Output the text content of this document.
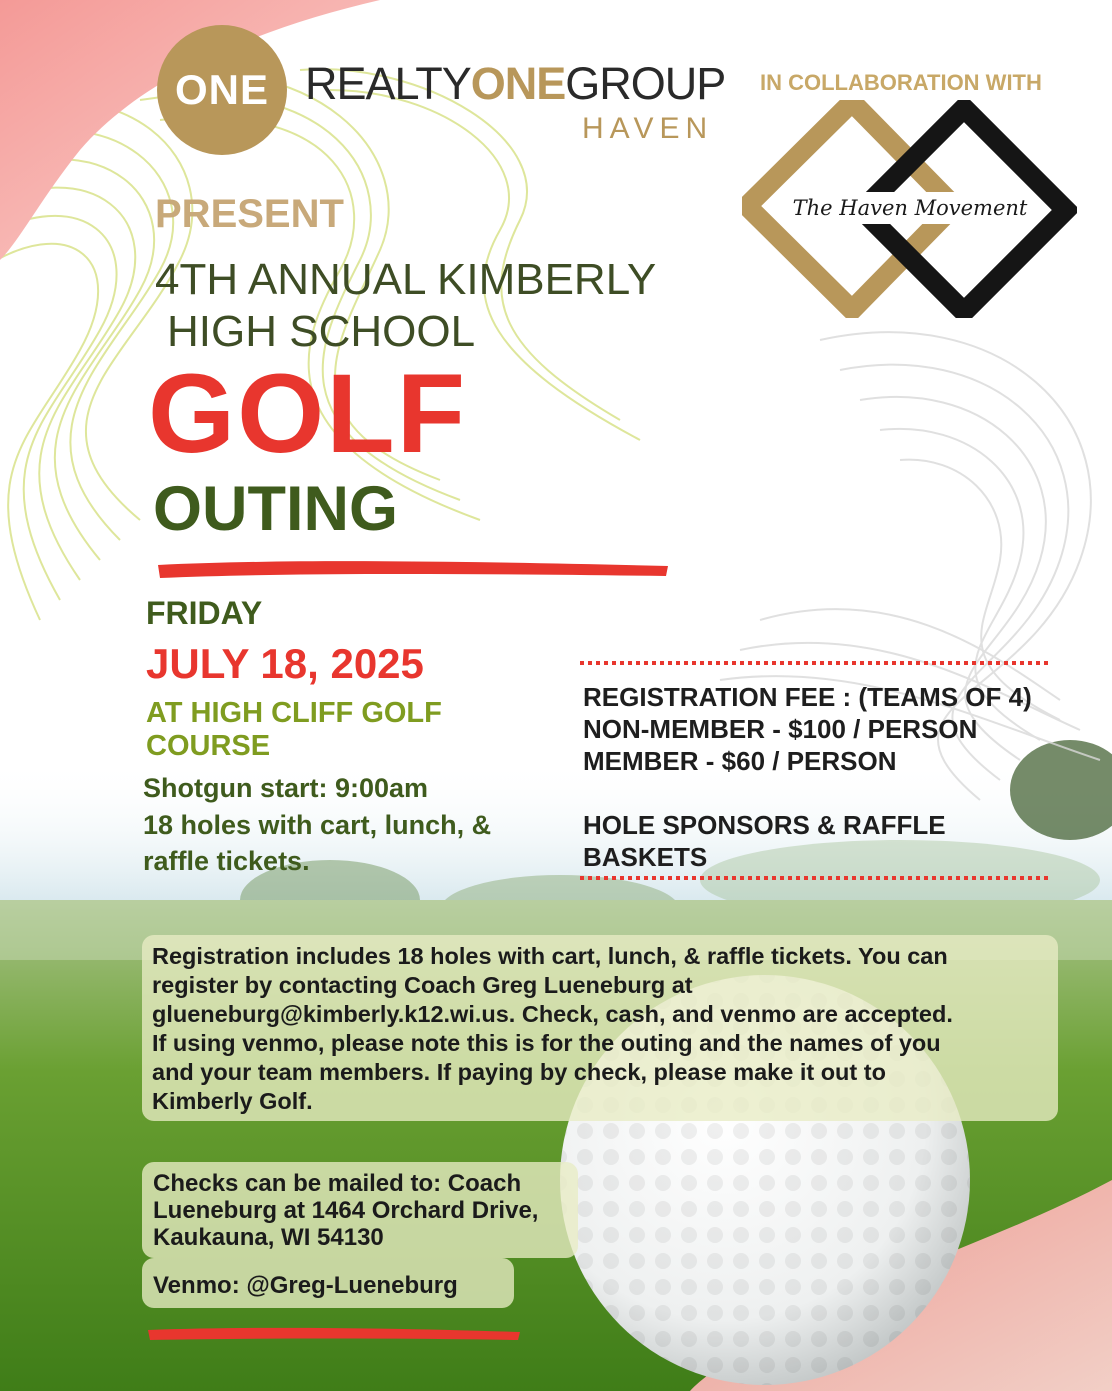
ONE REALTYONEGROUP
HAVEN
IN COLLABORATION WITH
The Haven Movement
PRESENT
4TH ANNUAL KIMBERLY
HIGH SCHOOL
GOLF
OUTING
FRIDAY
JULY 18, 2025
AT HIGH CLIFF GOLF
COURSE
Shotgun start: 9:00am
18 holes with cart, lunch, &
raffle tickets.
REGISTRATION FEE : (TEAMS OF 4)
NON-MEMBER - $100 / PERSON
MEMBER - $60 / PERSON
HOLE SPONSORS & RAFFLE
BASKETS
Registration includes 18 holes with cart, lunch, & raffle tickets. You can
register by contacting Coach Greg Lueneburg at
glueneburg@kimberly.k12.wi.us. Check, cash, and venmo are accepted.
If using venmo, please note this is for the outing and the names of you
and your team members. If paying by check, please make it out to
Kimberly Golf.
Checks can be mailed to: Coach
Lueneburg at 1464 Orchard Drive,
Kaukauna, WI 54130
Venmo: @Greg-Lueneburg
